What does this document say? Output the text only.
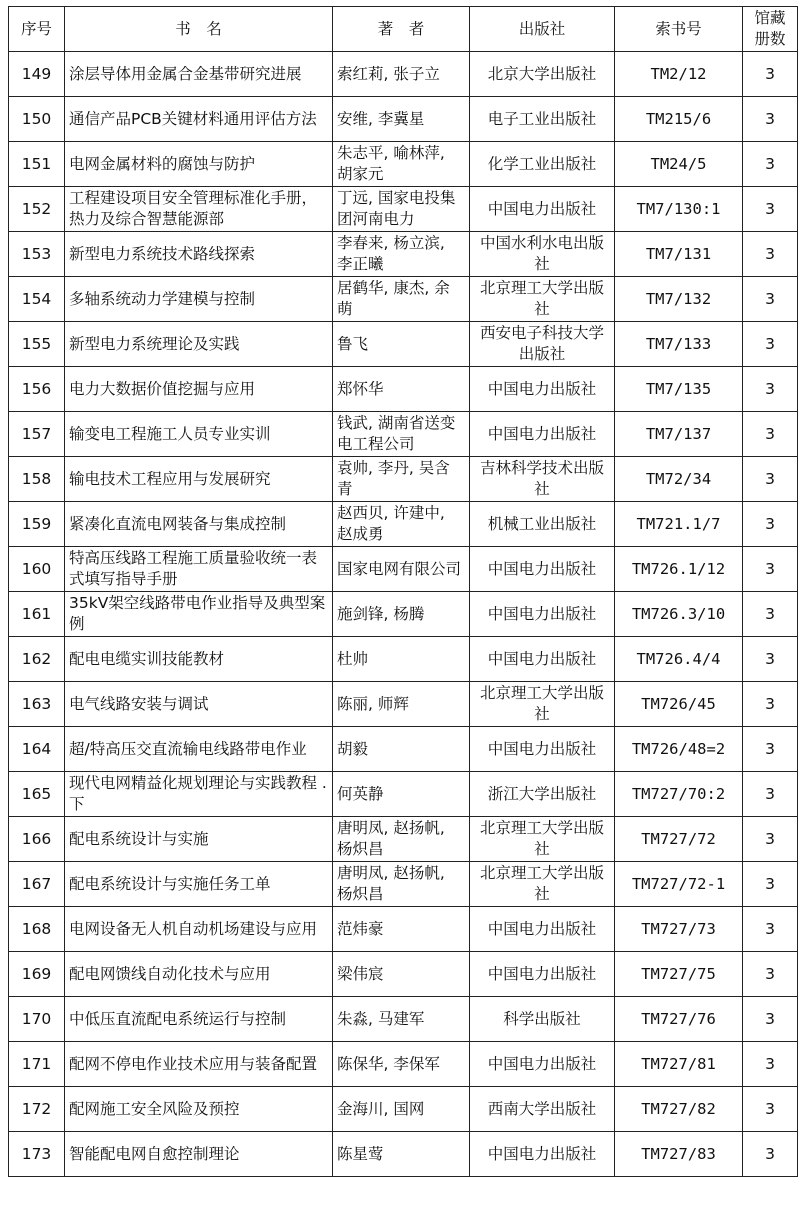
序号	书　名	著　者	出版社	索书号	馆藏册数
149	涂层导体用金属合金基带研究进展	索红莉, 张子立	北京大学出版社	TM2/12	3
150	通信产品PCB关键材料通用评估方法	安维, 李冀星	电子工业出版社	TM215/6	3
151	电网金属材料的腐蚀与防护	朱志平, 喻林萍, 胡家元	化学工业出版社	TM24/5	3
152	工程建设项目安全管理标准化手册，热力及综合智慧能源部	丁远, 国家电投集团河南电力	中国电力出版社	TM7/130:1	3
153	新型电力系统技术路线探索	李春来, 杨立滨, 李正曦	中国水利水电出版社	TM7/131	3
154	多轴系统动力学建模与控制	居鹤华, 康杰, 余萌	北京理工大学出版社	TM7/132	3
155	新型电力系统理论及实践	鲁飞	西安电子科技大学出版社	TM7/133	3
156	电力大数据价值挖掘与应用	郑怀华	中国电力出版社	TM7/135	3
157	输变电工程施工人员专业实训	钱武, 湖南省送变电工程公司	中国电力出版社	TM7/137	3
158	输电技术工程应用与发展研究	袁帅, 李丹, 吴含青	吉林科学技术出版社	TM72/34	3
159	紧凑化直流电网装备与集成控制	赵西贝, 许建中, 赵成勇	机械工业出版社	TM721.1/7	3
160	特高压线路工程施工质量验收统一表式填写指导手册	国家电网有限公司	中国电力出版社	TM726.1/12	3
161	35kV架空线路带电作业指导及典型案例	施剑锋, 杨腾	中国电力出版社	TM726.3/10	3
162	配电电缆实训技能教材	杜帅	中国电力出版社	TM726.4/4	3
163	电气线路安装与调试	陈丽, 师辉	北京理工大学出版社	TM726/45	3
164	超/特高压交直流输电线路带电作业	胡毅	中国电力出版社	TM726/48=2	3
165	现代电网精益化规划理论与实践教程 . 下	何英静	浙江大学出版社	TM727/70:2	3
166	配电系统设计与实施	唐明凤, 赵扬帆, 杨炽昌	北京理工大学出版社	TM727/72	3
167	配电系统设计与实施任务工单	唐明凤, 赵扬帆, 杨炽昌	北京理工大学出版社	TM727/72-1	3
168	电网设备无人机自动机场建设与应用	范炜豪	中国电力出版社	TM727/73	3
169	配电网馈线自动化技术与应用	梁伟宸	中国电力出版社	TM727/75	3
170	中低压直流配电系统运行与控制	朱淼, 马建军	科学出版社	TM727/76	3
171	配网不停电作业技术应用与装备配置	陈保华, 李保军	中国电力出版社	TM727/81	3
172	配网施工安全风险及预控	金海川, 国网	西南大学出版社	TM727/82	3
173	智能配电网自愈控制理论	陈星莺	中国电力出版社	TM727/83	3
